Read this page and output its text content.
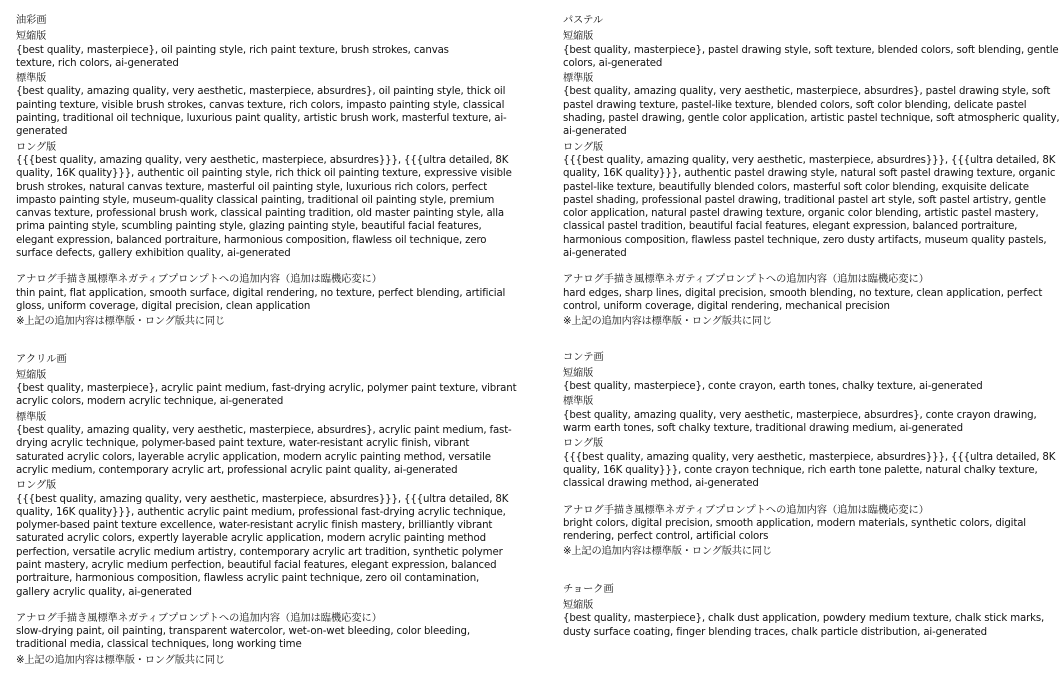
油彩画
短縮版
{best quality, masterpiece}, oil painting style, rich paint texture, brush strokes, canvas
texture, rich colors, ai-generated
標準版
{best quality, amazing quality, very aesthetic, masterpiece, absurdres}, oil painting style, thick oil
painting texture, visible brush strokes, canvas texture, rich colors, impasto painting style, classical
painting, traditional oil technique, luxurious paint quality, artistic brush work, masterful texture, ai-
generated
ロング版
{{{best quality, amazing quality, very aesthetic, masterpiece, absurdres}}}, {{{ultra detailed, 8K
quality, 16K quality}}}, authentic oil painting style, rich thick oil painting texture, expressive visible
brush strokes, natural canvas texture, masterful oil painting style, luxurious rich colors, perfect
impasto painting style, museum-quality classical painting, traditional oil painting style, premium
canvas texture, professional brush work, classical painting tradition, old master painting style, alla
prima painting style, scumbling painting style, glazing painting style, beautiful facial features,
elegant expression, balanced portraiture, harmonious composition, flawless oil technique, zero
surface defects, gallery exhibition quality, ai-generated
アナログ手描き風標準ネガティブプロンプトへの追加内容（追加は臨機応変に）
thin paint, flat application, smooth surface, digital rendering, no texture, perfect blending, artificial
gloss, uniform coverage, digital precision, clean application
※上記の追加内容は標準版・ロング版共に同じ
アクリル画
短縮版
{best quality, masterpiece}, acrylic paint medium, fast-drying acrylic, polymer paint texture, vibrant
acrylic colors, modern acrylic technique, ai-generated
標準版
{best quality, amazing quality, very aesthetic, masterpiece, absurdres}, acrylic paint medium, fast-
drying acrylic technique, polymer-based paint texture, water-resistant acrylic finish, vibrant
saturated acrylic colors, layerable acrylic application, modern acrylic painting method, versatile
acrylic medium, contemporary acrylic art, professional acrylic paint quality, ai-generated
ロング版
{{{best quality, amazing quality, very aesthetic, masterpiece, absurdres}}}, {{{ultra detailed, 8K
quality, 16K quality}}}, authentic acrylic paint medium, professional fast-drying acrylic technique,
polymer-based paint texture excellence, water-resistant acrylic finish mastery, brilliantly vibrant
saturated acrylic colors, expertly layerable acrylic application, modern acrylic painting method
perfection, versatile acrylic medium artistry, contemporary acrylic art tradition, synthetic polymer
paint mastery, acrylic medium perfection, beautiful facial features, elegant expression, balanced
portraiture, harmonious composition, flawless acrylic paint technique, zero oil contamination,
gallery acrylic quality, ai-generated
アナログ手描き風標準ネガティブプロンプトへの追加内容（追加は臨機応変に）
slow-drying paint, oil painting, transparent watercolor, wet-on-wet bleeding, color bleeding,
traditional media, classical techniques, long working time
※上記の追加内容は標準版・ロング版共に同じ
パステル
短縮版
{best quality, masterpiece}, pastel drawing style, soft texture, blended colors, soft blending, gentle
colors, ai-generated
標準版
{best quality, amazing quality, very aesthetic, masterpiece, absurdres}, pastel drawing style, soft
pastel drawing texture, pastel-like texture, blended colors, soft color blending, delicate pastel
shading, pastel drawing, gentle color application, artistic pastel technique, soft atmospheric quality,
ai-generated
ロング版
{{{best quality, amazing quality, very aesthetic, masterpiece, absurdres}}}, {{{ultra detailed, 8K
quality, 16K quality}}}, authentic pastel drawing style, natural soft pastel drawing texture, organic
pastel-like texture, beautifully blended colors, masterful soft color blending, exquisite delicate
pastel shading, professional pastel drawing, traditional pastel art style, soft pastel artistry, gentle
color application, natural pastel drawing texture, organic color blending, artistic pastel mastery,
classical pastel tradition, beautiful facial features, elegant expression, balanced portraiture,
harmonious composition, flawless pastel technique, zero dusty artifacts, museum quality pastels,
ai-generated
アナログ手描き風標準ネガティブプロンプトへの追加内容（追加は臨機応変に）
hard edges, sharp lines, digital precision, smooth blending, no texture, clean application, perfect
control, uniform coverage, digital rendering, mechanical precision
※上記の追加内容は標準版・ロング版共に同じ
コンテ画
短縮版
{best quality, masterpiece}, conte crayon, earth tones, chalky texture, ai-generated
標準版
{best quality, amazing quality, very aesthetic, masterpiece, absurdres}, conte crayon drawing,
warm earth tones, soft chalky texture, traditional drawing medium, ai-generated
ロング版
{{{best quality, amazing quality, very aesthetic, masterpiece, absurdres}}}, {{{ultra detailed, 8K
quality, 16K quality}}}, conte crayon technique, rich earth tone palette, natural chalky texture,
classical drawing method, ai-generated
アナログ手描き風標準ネガティブプロンプトへの追加内容（追加は臨機応変に）
bright colors, digital precision, smooth application, modern materials, synthetic colors, digital
rendering, perfect control, artificial colors
※上記の追加内容は標準版・ロング版共に同じ
チョーク画
短縮版
{best quality, masterpiece}, chalk dust application, powdery medium texture, chalk stick marks,
dusty surface coating, finger blending traces, chalk particle distribution, ai-generated
